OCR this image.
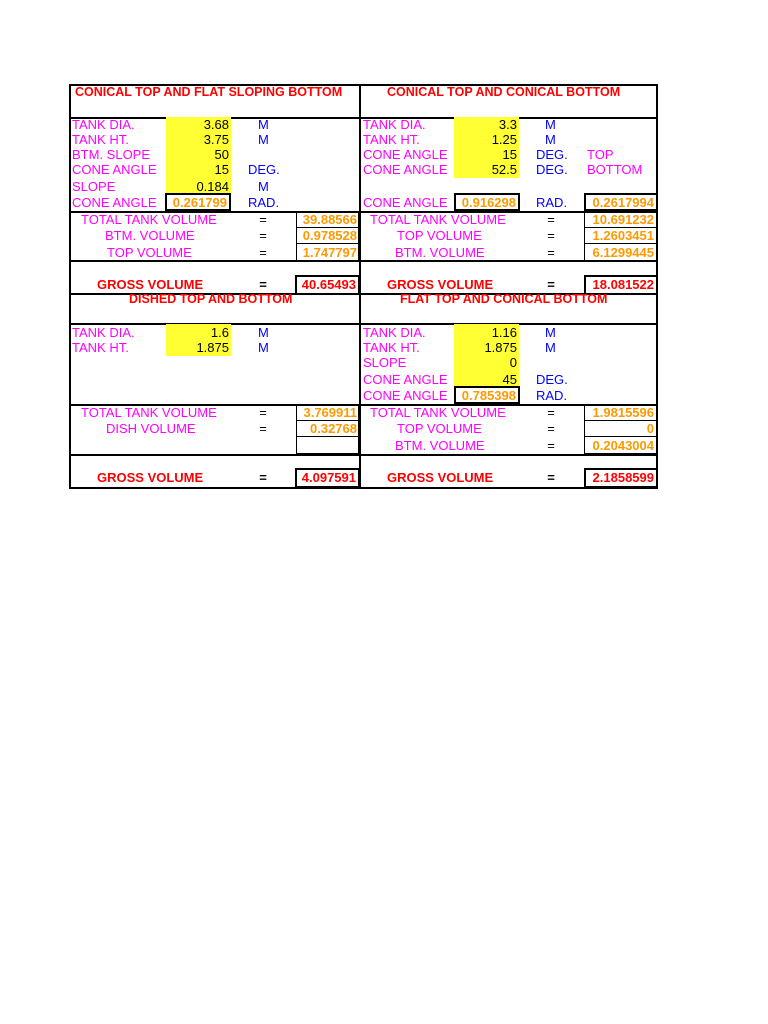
CONICAL TOP AND FLAT SLOPING BOTTOM
TANK DIA.	3.68 M
TANK HT.	3.75 M
BTM. SLOPE	50
CONE ANGLE	15 DEG.
SLOPE	0.184 M
CONE ANGLE	0.261799 RAD.
TOTAL TANK VOLUME	=	39.88566
BTM. VOLUME	=	0.978528
TOP VOLUME	=	1.747797
GROSS VOLUME	=	40.65493
CONICAL TOP AND CONICAL BOTTOM
TANK DIA.	3.3 M
TANK HT.	1.25 M
CONE ANGLE	15 DEG. TOP
CONE ANGLE	52.5 DEG. BOTTOM
CONE ANGLE	0.916298 RAD.	0.2617994
TOTAL TANK VOLUME	=	10.691232
TOP VOLUME	=	1.2603451
BTM. VOLUME	=	6.1299445
GROSS VOLUME	=	18.081522
DISHED TOP AND BOTTOM
TANK DIA.	1.6 M
TANK HT.	1.875 M
TOTAL TANK VOLUME	=	3.769911
DISH VOLUME	=	0.32768
GROSS VOLUME	=	4.097591
FLAT TOP AND CONICAL BOTTOM
TANK DIA.	1.16 M
TANK HT.	1.875 M
SLOPE	0
CONE ANGLE	45 DEG.
CONE ANGLE	0.785398 RAD.
TOTAL TANK VOLUME	=	1.9815596
TOP VOLUME	=	0
BTM. VOLUME	=	0.2043004
GROSS VOLUME	=	2.1858599
